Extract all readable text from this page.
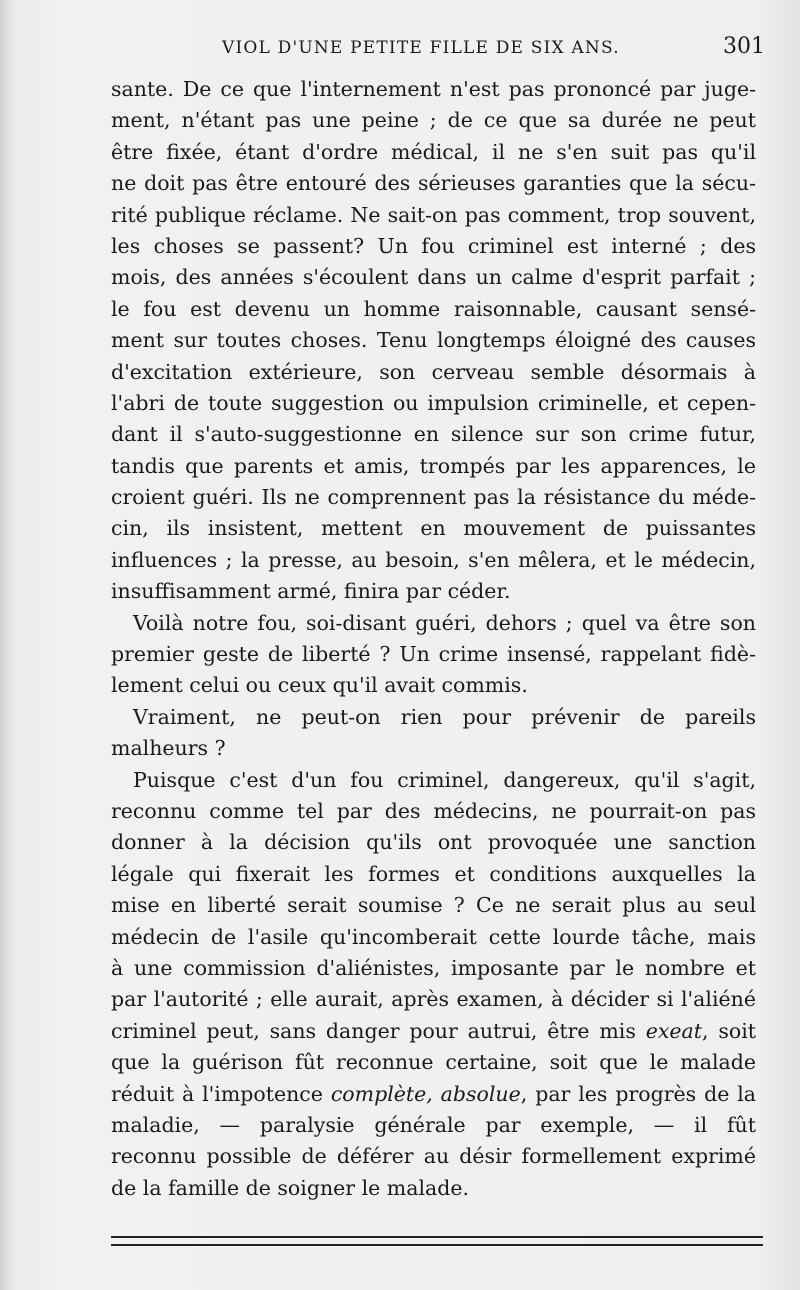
VIOL D'UNE PETITE FILLE DE SIX ANS.	301
sante. De ce que l'internement n'est pas prononcé par juge-
ment, n'étant pas une peine ; de ce que sa durée ne peut
être fixée, étant d'ordre médical, il ne s'en suit pas qu'il
ne doit pas être entouré des sérieuses garanties que la sécu-
rité publique réclame. Ne sait-on pas comment, trop souvent,
les choses se passent? Un fou criminel est interné ; des
mois, des années s'écoulent dans un calme d'esprit parfait ;
le fou est devenu un homme raisonnable, causant sensé-
ment sur toutes choses. Tenu longtemps éloigné des causes
d'excitation extérieure, son cerveau semble désormais à
l'abri de toute suggestion ou impulsion criminelle, et cepen-
dant il s'auto-suggestionne en silence sur son crime futur,
tandis que parents et amis, trompés par les apparences, le
croient guéri. Ils ne comprennent pas la résistance du méde-
cin, ils insistent, mettent en mouvement de puissantes
influences ; la presse, au besoin, s'en mêlera, et le médecin,
insuffisamment armé, finira par céder.
Voilà notre fou, soi-disant guéri, dehors ; quel va être son
premier geste de liberté ? Un crime insensé, rappelant fidè-
lement celui ou ceux qu'il avait commis.
Vraiment, ne peut-on rien pour prévenir de pareils
malheurs ?
Puisque c'est d'un fou criminel, dangereux, qu'il s'agit,
reconnu comme tel par des médecins, ne pourrait-on pas
donner à la décision qu'ils ont provoquée une sanction
légale qui fixerait les formes et conditions auxquelles la
mise en liberté serait soumise ? Ce ne serait plus au seul
médecin de l'asile qu'incomberait cette lourde tâche, mais
à une commission d'aliénistes, imposante par le nombre et
par l'autorité ; elle aurait, après examen, à décider si l'aliéné
criminel peut, sans danger pour autrui, être mis exeat, soit
que la guérison fût reconnue certaine, soit que le malade
réduit à l'impotence complète, absolue, par les progrès de la
maladie, — paralysie générale par exemple, — il fût
reconnu possible de déférer au désir formellement exprimé
de la famille de soigner le malade.
